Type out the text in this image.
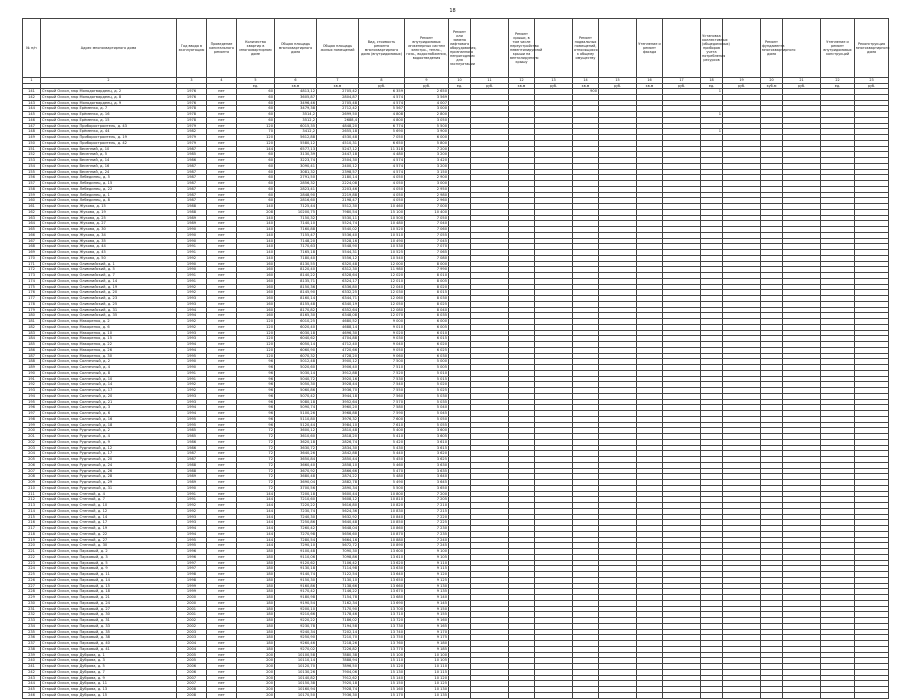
18
№ п/п	Адрес многоквартирного дома	Год ввода в эксплуатацию	Проведение капитального ремонта	Количество квартир в многоквартирном доме	Общая площадь многоквартирного дома	Общая площадь жилых помещений	Вид, стоимость ремонта многоквартирного дома (внутридомовых)	Ремонт внутридомовых инженерных систем электро-, тепло-, газо-, водоснабжения, водоотведения	Ремонт или замена лифтового оборудования, признанного непригодным для эксплуатации		Ремонт крыши, в том числе переустройство невентилируемой крыши на вентилируемую крышу		Ремонт подвальных помещений, относящихся к общему имуществу		Утепление и ремонт фасада		Установка коллективных (общедомовых) приборов учета потребления ресурсов		Ремонт фундамента многоквартирного дома		Утепление и ремонт внутридомовых конструкций	Реконструкция многоквартирного дома
1	2	3	4	5	6	7	8	9	10	11	12	13	14	15	16	17	18	19	20	21	22	23
				ед.	кв.м	кв.м	руб.	руб.	ед.	руб.	кв.м	руб.	кв.м	руб.	кв.м	руб.	ед.	руб.	куб.м	руб.	ед.	руб.
141	Старый Оскол, мкр Молодогвардеец, д. 2	1976	нет	60	4813,12	2705,42	6 359	2 650					900				1					
142	Старый Оскол, мкр Молодогвардеец, д. 8	1976	нет	60	3605,87	2804,87	4 574	3 569														
143	Старый Оскол, мкр Молодогвардеец, д. 9	1976	нет	60	3496,46	2705,48	4 574	4 007														
144	Старый Оскол, мкр Ерёменко, д. 7	1978	нет	60	3479,38	2712,42	5 567	3 000														
145	Старый Оскол, мкр Ерёменко, д. 16	1978	нет	60	3514,2	2699,50	4 808	2 800									1					
146	Старый Оскол, мкр Ерёменко, д. 15	1978	нет	60	3512,2	2688,4	4 800	3 050														
147	Старый Оскол, мкр Приборостроитель, д. 43	1979	нет	120	6015,35	4848,20	6 774	5 500														
148	Старый Оскол, мкр Ерёменко, д. 44	1982	нет	70	3412,2	2655,18	5 690	3 900									1					
149	Старый Оскол, мкр Приборостроитель, д. 19	1979	нет	120	5612,88	4530,48	7 050	6 000														
150	Старый Оскол, мкр Приборостроитель, д. 42	1979	нет	120	5580,12	4510,31	6 650	5 800														
151	Старый Оскол, мкр Весенний, д. 10	1987	нет	144	6577,13	5247,12	11 318	7 200														
152	Старый Оскол, мкр Весенний, д. 5	1985	нет	60	3130,39	2447,18	4 480	3 200														
153	Старый Оскол, мкр Весенний, д. 14	1986	нет	60	3223,74	2504,30	4 574	3 420														
154	Старый Оскол, мкр Весенний, д. 16	1987	нет	60	3090,41	2400,12	4 574	3 200														
155	Старый Оскол, мкр Весенний, д. 24	1987	нет	60	3081,32	2398,57	4 574	3 150														
156	Старый Оскол, мкр Лебединец, д. 5	1987	нет	60	2791,50	2180,14	4 050	2 900														
157	Старый Оскол, мкр Лебединец, д. 15	1987	нет	60	2856,32	2224,08	4 050	3 000														
158	Старый Оскол, мкр Лебединец, д. 22	1987	нет	60	2823,41	2203,46	4 050	2 950														
159	Старый Оскол, мкр Лебединец, д. 1	1987	нет	60	2848,90	2219,88	4 050	2 980														
160	Старый Оскол, мкр Лебединец, д. 8	1987	нет	60	2816,60	2198,47	4 050	2 960														
161	Старый Оскол, мкр Жукова, д. 15	1988	нет	140	7125,44	5512,30	10 460	7 000														
162	Старый Оскол, мкр Жукова, д. 19	1988	нет	208	10200,75	7980,54	15 100	10 400														
163	Старый Оскол, мкр Жукова, д. 25	1989	нет	140	7150,32	5530,11	10 500	7 050														
164	Старый Оскол, мкр Жукова, д. 27	1989	нет	140	7140,10	5524,74	10 480	7 040														
165	Старый Оскол, мкр Жукова, д. 30	1990	нет	140	7160,88	5540,02	10 520	7 060														
166	Старый Оскол, мкр Жукова, д. 34	1990	нет	140	7155,47	5536,40	10 510	7 055														
167	Старый Оскол, мкр Жукова, д. 35	1990	нет	140	7148,20	5528,16	10 490	7 045														
168	Старый Оскол, мкр Жукова, д. 44	1991	нет	140	7170,63	5548,90	10 530	7 070														
169	Старый Оскол, мкр Жукова, д. 45	1991	нет	140	7165,18	5544,31	10 525	7 065														
170	Старый Оскол, мкр Жукова, д. 50	1992	нет	140	7180,40	5556,12	10 540	7 080														
171	Старый Оскол, мкр Олимпийский, д. 1	1990	нет	160	8130,55	6320,48	12 000	8 000														
172	Старый Оскол, мкр Олимпийский, д. 5	1990	нет	160	8120,40	6312,30	11 980	7 990														
173	Старый Оскол, мкр Олимпийский, д. 7	1991	нет	160	8140,22	6328,64	12 020	8 010														
174	Старый Оскол, мкр Олимпийский, д. 14	1991	нет	160	8135,71	6324,17	12 010	8 005														
175	Старый Оскол, мкр Олимпийский, д. 19	1992	нет	160	8150,36	6336,80	12 040	8 020														
176	Старый Оскол, мкр Олимпийский, д. 20	1992	нет	160	8145,90	6332,25	12 030	8 015														
177	Старый Оскол, мкр Олимпийский, д. 23	1993	нет	160	8160,14	6344,71	12 060	8 030														
178	Старый Оскол, мкр Олимпийский, д. 25	1993	нет	160	8155,48	6340,19	12 050	8 025														
179	Старый Оскол, мкр Олимпийский, д. 31	1994	нет	160	8170,82	6352,64	12 080	8 040														
180	Старый Оскол, мкр Олимпийский, д. 35	1994	нет	160	8165,30	6348,08	12 070	8 035														
181	Старый Оскол, мкр Макаренко, д. 2	1992	нет	120	6010,25	4680,52	9 000	6 000														
182	Старый Оскол, мкр Макаренко, д. 6	1992	нет	120	6020,40	4688,14	9 010	6 005														
183	Старый Оскол, мкр Макаренко, д. 10	1993	нет	120	6030,18	4696,30	9 020	6 010														
184	Старый Оскол, мкр Макаренко, д. 15	1993	нет	120	6040,62	4704,88	9 030	6 015														
185	Старый Оскол, мкр Макаренко, д. 22	1994	нет	120	6050,14	4712,40	9 040	6 020														
186	Старый Оскол, мкр Макаренко, д. 26	1994	нет	120	6060,90	4720,66	9 050	6 025														
187	Старый Оскол, мкр Макаренко, д. 30	1995	нет	120	6070,32	4728,20	9 060	6 030														
188	Старый Оскол, мкр Солнечный, д. 2	1990	нет	96	5012,48	3900,12	7 500	5 000														
189	Старый Оскол, мкр Солнечный, д. 4	1990	нет	96	5020,60	3906,40	7 510	5 005														
190	Старый Оскол, мкр Солнечный, д. 8	1991	нет	96	5030,14	3912,88	7 520	5 010														
191	Старый Оскол, мкр Солнечный, д. 10	1991	нет	96	5040,72	3920,16	7 530	5 015														
192	Старый Оскол, мкр Солнечный, д. 14	1992	нет	96	5050,30	3928,44	7 540	5 020														
193	Старый Оскол, мкр Солнечный, д. 17	1992	нет	96	5060,86	3936,70	7 550	5 025														
194	Старый Оскол, мкр Солнечный, д. 20	1993	нет	96	5070,42	3944,18	7 560	5 030														
195	Старый Оскол, мкр Солнечный, д. 21	1993	нет	96	5080,18	3952,64	7 570	5 035														
196	Старый Оскол, мкр Солнечный, д. 3	1994	нет	96	5090,74	3960,20	7 580	5 040														
197	Старый Оскол, мкр Солнечный, д. 6	1994	нет	96	5100,26	3968,88	7 590	5 045														
198	Старый Оскол, мкр Солнечный, д. 16	1995	нет	96	5110,80	3976,32	7 600	5 050														
199	Старый Оскол, мкр Солнечный, д. 18	1995	нет	96	5120,44	3984,10	7 610	5 055														
200	Старый Оскол, мкр Рудничный, д. 2	1985	нет	72	3600,12	2810,48	5 400	3 600														
201	Старый Оскол, мкр Рудничный, д. 4	1985	нет	72	3610,60	2818,20	5 410	3 605														
202	Старый Оскол, мкр Рудничный, д. 9	1986	нет	72	3620,18	2826,74	5 420	3 610														
203	Старый Оскол, мкр Рудничный, д. 12	1986	нет	72	3630,72	2834,30	5 430	3 615														
204	Старый Оскол, мкр Рудничный, д. 17	1987	нет	72	3640,26	2842,88	5 440	3 620														
205	Старый Оскол, мкр Рудничный, д. 20	1987	нет	72	3650,84	2850,44	5 450	3 625														
206	Старый Оскол, мкр Рудничный, д. 24	1988	нет	72	3660,40	2858,10	5 460	3 630														
207	Старый Оскол, мкр Рудничный, д. 26	1988	нет	72	3670,92	2866,66	5 470	3 635														
208	Старый Оскол, мкр Рудничный, д. 28	1989	нет	72	3680,48	2874,22	5 480	3 640														
209	Старый Оскол, мкр Рудничный, д. 29	1989	нет	72	3690,04	2882,78	5 490	3 645														
210	Старый Оскол, мкр Рудничный, д. 31	1990	нет	72	3700,56	2890,34	5 500	3 650														
211	Старый Оскол, мкр Степной, д. 4	1991	нет	144	7200,18	5600,44	10 800	7 200														
212	Старый Оскол, мкр Степной, д. 7	1991	нет	144	7210,60	5608,12	10 810	7 205														
213	Старый Оскол, мкр Степной, д. 10	1992	нет	144	7220,22	5616,80	10 820	7 210														
214	Старый Оскол, мкр Степной, д. 12	1992	нет	144	7230,74	5624,36	10 830	7 215														
215	Старый Оскол, мкр Степной, д. 14	1993	нет	144	7240,30	5632,92	10 840	7 220														
216	Старый Оскол, мкр Степной, д. 17	1993	нет	144	7250,86	5640,48	10 850	7 225														
217	Старый Оскол, мкр Степной, д. 19	1994	нет	144	7260,42	5648,04	10 860	7 230														
218	Старый Оскол, мкр Степной, д. 22	1994	нет	144	7270,98	5656,60	10 870	7 235														
219	Старый Оскол, мкр Степной, д. 27	1995	нет	144	7280,54	5664,16	10 880	7 240														
220	Старый Оскол, мкр Степной, д. 30	1995	нет	144	7290,10	5672,72	10 890	7 245														
221	Старый Оскол, мкр Парковый, д. 2	1996	нет	180	9100,48	7090,30	13 600	9 100														
222	Старый Оскол, мкр Парковый, д. 3	1996	нет	180	9110,06	7098,86	13 610	9 105														
223	Старый Оскол, мкр Парковый, д. 5	1997	нет	180	9120,62	7106,42	13 620	9 110														
224	Старый Оскол, мкр Парковый, д. 9	1997	нет	180	9130,18	7114,98	13 630	9 115														
225	Старый Оскол, мкр Парковый, д. 11	1998	нет	180	9140,74	7122,54	13 640	9 120														
226	Старый Оскол, мкр Парковый, д. 14	1998	нет	180	9150,30	7130,10	13 650	9 125														
227	Старый Оскол, мкр Парковый, д. 15	1999	нет	180	9160,86	7138,66	13 660	9 130														
228	Старый Оскол, мкр Парковый, д. 18	1999	нет	180	9170,42	7146,22	13 670	9 135														
229	Старый Оскол, мкр Парковый, д. 21	2000	нет	180	9180,98	7154,78	13 680	9 140														
230	Старый Оскол, мкр Парковый, д. 24	2000	нет	180	9190,54	7162,34	13 690	9 145														
231	Старый Оскол, мкр Парковый, д. 27	2001	нет	180	9200,10	7170,90	13 700	9 150														
232	Старый Оскол, мкр Парковый, д. 30	2001	нет	180	9210,66	7178,46	13 710	9 155														
233	Старый Оскол, мкр Парковый, д. 31	2002	нет	180	9220,22	7186,02	13 720	9 160														
234	Старый Оскол, мкр Парковый, д. 33	2002	нет	180	9230,78	7194,58	13 730	9 165														
235	Старый Оскол, мкр Парковый, д. 35	2003	нет	180	9240,34	7202,14	13 740	9 170														
236	Старый Оскол, мкр Парковый, д. 38	2003	нет	180	9250,90	7210,70	13 750	9 175														
237	Старый Оскол, мкр Парковый, д. 40	2004	нет	180	9260,46	7218,26	13 760	9 180														
238	Старый Оскол, мкр Парковый, д. 41	2004	нет	180	9270,02	7226,82	13 770	9 185														
239	Старый Оскол, мкр Дубрава, д. 1	2005	нет	200	10100,58	7880,38	15 100	10 100														
240	Старый Оскол, мкр Дубрава, д. 3	2005	нет	200	10110,14	7888,94	15 110	10 105														
241	Старый Оскол, мкр Дубрава, д. 5	2006	нет	200	10120,70	7896,50	15 120	10 110														
242	Старый Оскол, мкр Дубрава, д. 7	2006	нет	200	10130,26	7904,06	15 130	10 115														
243	Старый Оскол, мкр Дубрава, д. 9	2007	нет	200	10140,82	7912,62	15 140	10 120														
244	Старый Оскол, мкр Дубрава, д. 11	2007	нет	200	10150,38	7920,18	15 150	10 125														
245	Старый Оскол, мкр Дубрава, д. 13	2008	нет	200	10160,94	7928,74	15 160	10 130														
246	Старый Оскол, мкр Дубрава, д. 15	2008	нет	200	10170,50	7936,30	15 170	10 135														
